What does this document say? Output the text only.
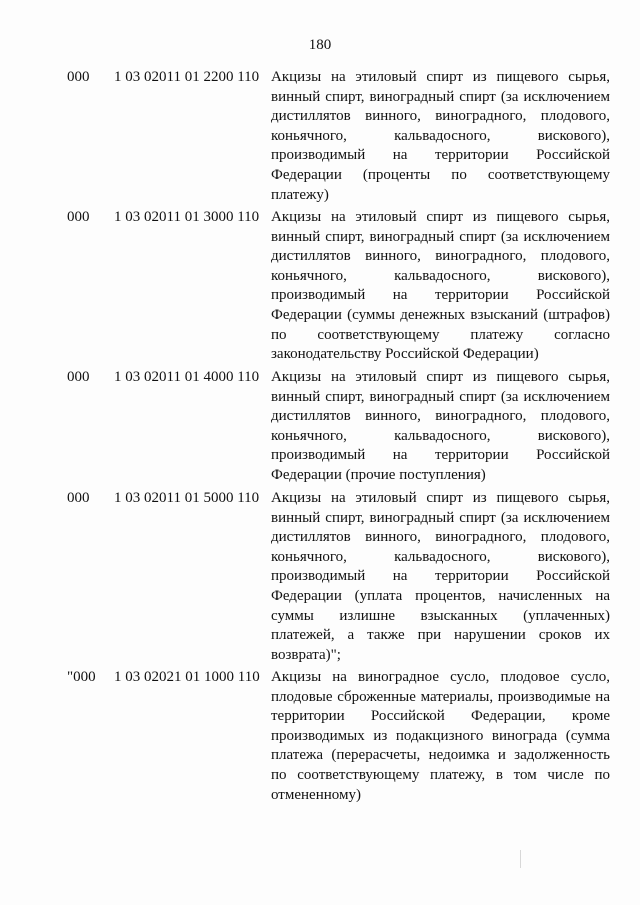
180
000	1 03 02011 01 2200 110 Акцизы на этиловый спирт из пищевого сырья, винный спирт, виноградный спирт (за исключением дистиллятов винного, виноградного, плодового, коньячного, кальвадосного, вискового), производимый на территории Российской Федерации (проценты по соответствующему платежу)
000	1 03 02011 01 3000 110 Акцизы на этиловый спирт из пищевого сырья, винный спирт, виноградный спирт (за исключением дистиллятов винного, виноградного, плодового, коньячного, кальвадосного, вискового), производимый на территории Российской Федерации (суммы денежных взысканий (штрафов) по соответствующему платежу согласно законодательству Российской Федерации)
000	1 03 02011 01 4000 110 Акцизы на этиловый спирт из пищевого сырья, винный спирт, виноградный спирт (за исключением дистиллятов винного, виноградного, плодового, коньячного, кальвадосного, вискового), производимый на территории Российской Федерации (прочие поступления)
000	1 03 02011 01 5000 110 Акцизы на этиловый спирт из пищевого сырья, винный спирт, виноградный спирт (за исключением дистиллятов винного, виноградного, плодового, коньячного, кальвадосного, вискового), производимый на территории Российской Федерации (уплата процентов, начисленных на суммы излишне взысканных (уплаченных) платежей, а также при нарушении сроков их возврата)";
"000	1 03 02021 01 1000 110 Акцизы на виноградное сусло, плодовое сусло, плодовые сброженные материалы, производимые на территории Российской Федерации, кроме производимых из подакцизного винограда (сумма платежа (перерасчеты, недоимка и задолженность по соответствующему платежу, в том числе по отмененному)
